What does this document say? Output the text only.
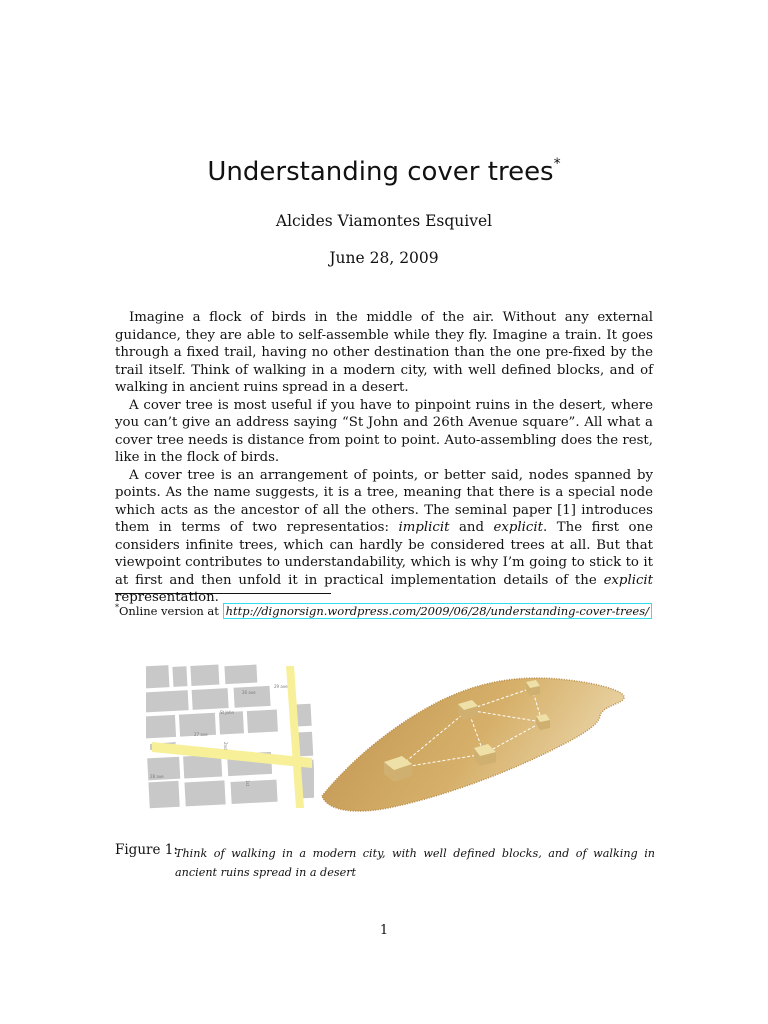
Understanding cover trees*
Alcides Viamontes Esquivel
June 28, 2009

Imagine a flock of birds in the middle of the air. Without any external guidance, they are able to self-assemble while they fly. Imagine a train. It goes through a fixed trail, having no other destination than the one pre-fixed by the trail itself. Think of walking in a modern city, with well defined blocks, and of walking in ancient ruins spread in a desert.

A cover tree is most useful if you have to pinpoint ruins in the desert, where you can’t give an address saying “St John and 26th Avenue square”. All what a cover tree needs is distance from point to point. Auto-assembling does the rest, like in the flock of birds.

A cover tree is an arrangement of points, or better said, nodes spanned by points. As the name suggests, it is a tree, meaning that there is a special node which acts as the ancestor of all the others. The seminal paper [1] introduces them in terms of two representatios: implicit and explicit. The first one considers infinite trees, which can hardly be considered trees at all. But that viewpoint contributes to understandability, which is why I’m going to stick to it at first and then unfold it in practical implementation details of the explicit representation.

*Online version at http://dignorsign.wordpress.com/2009/06/28/understanding-cover-trees/
26 ave
St John
27 ave
28 ave
29 ave
1st
2nd
Figure 1:
Think of walking in a modern city, with well defined blocks, and of walking in ancient ruins spread in a desert
1
